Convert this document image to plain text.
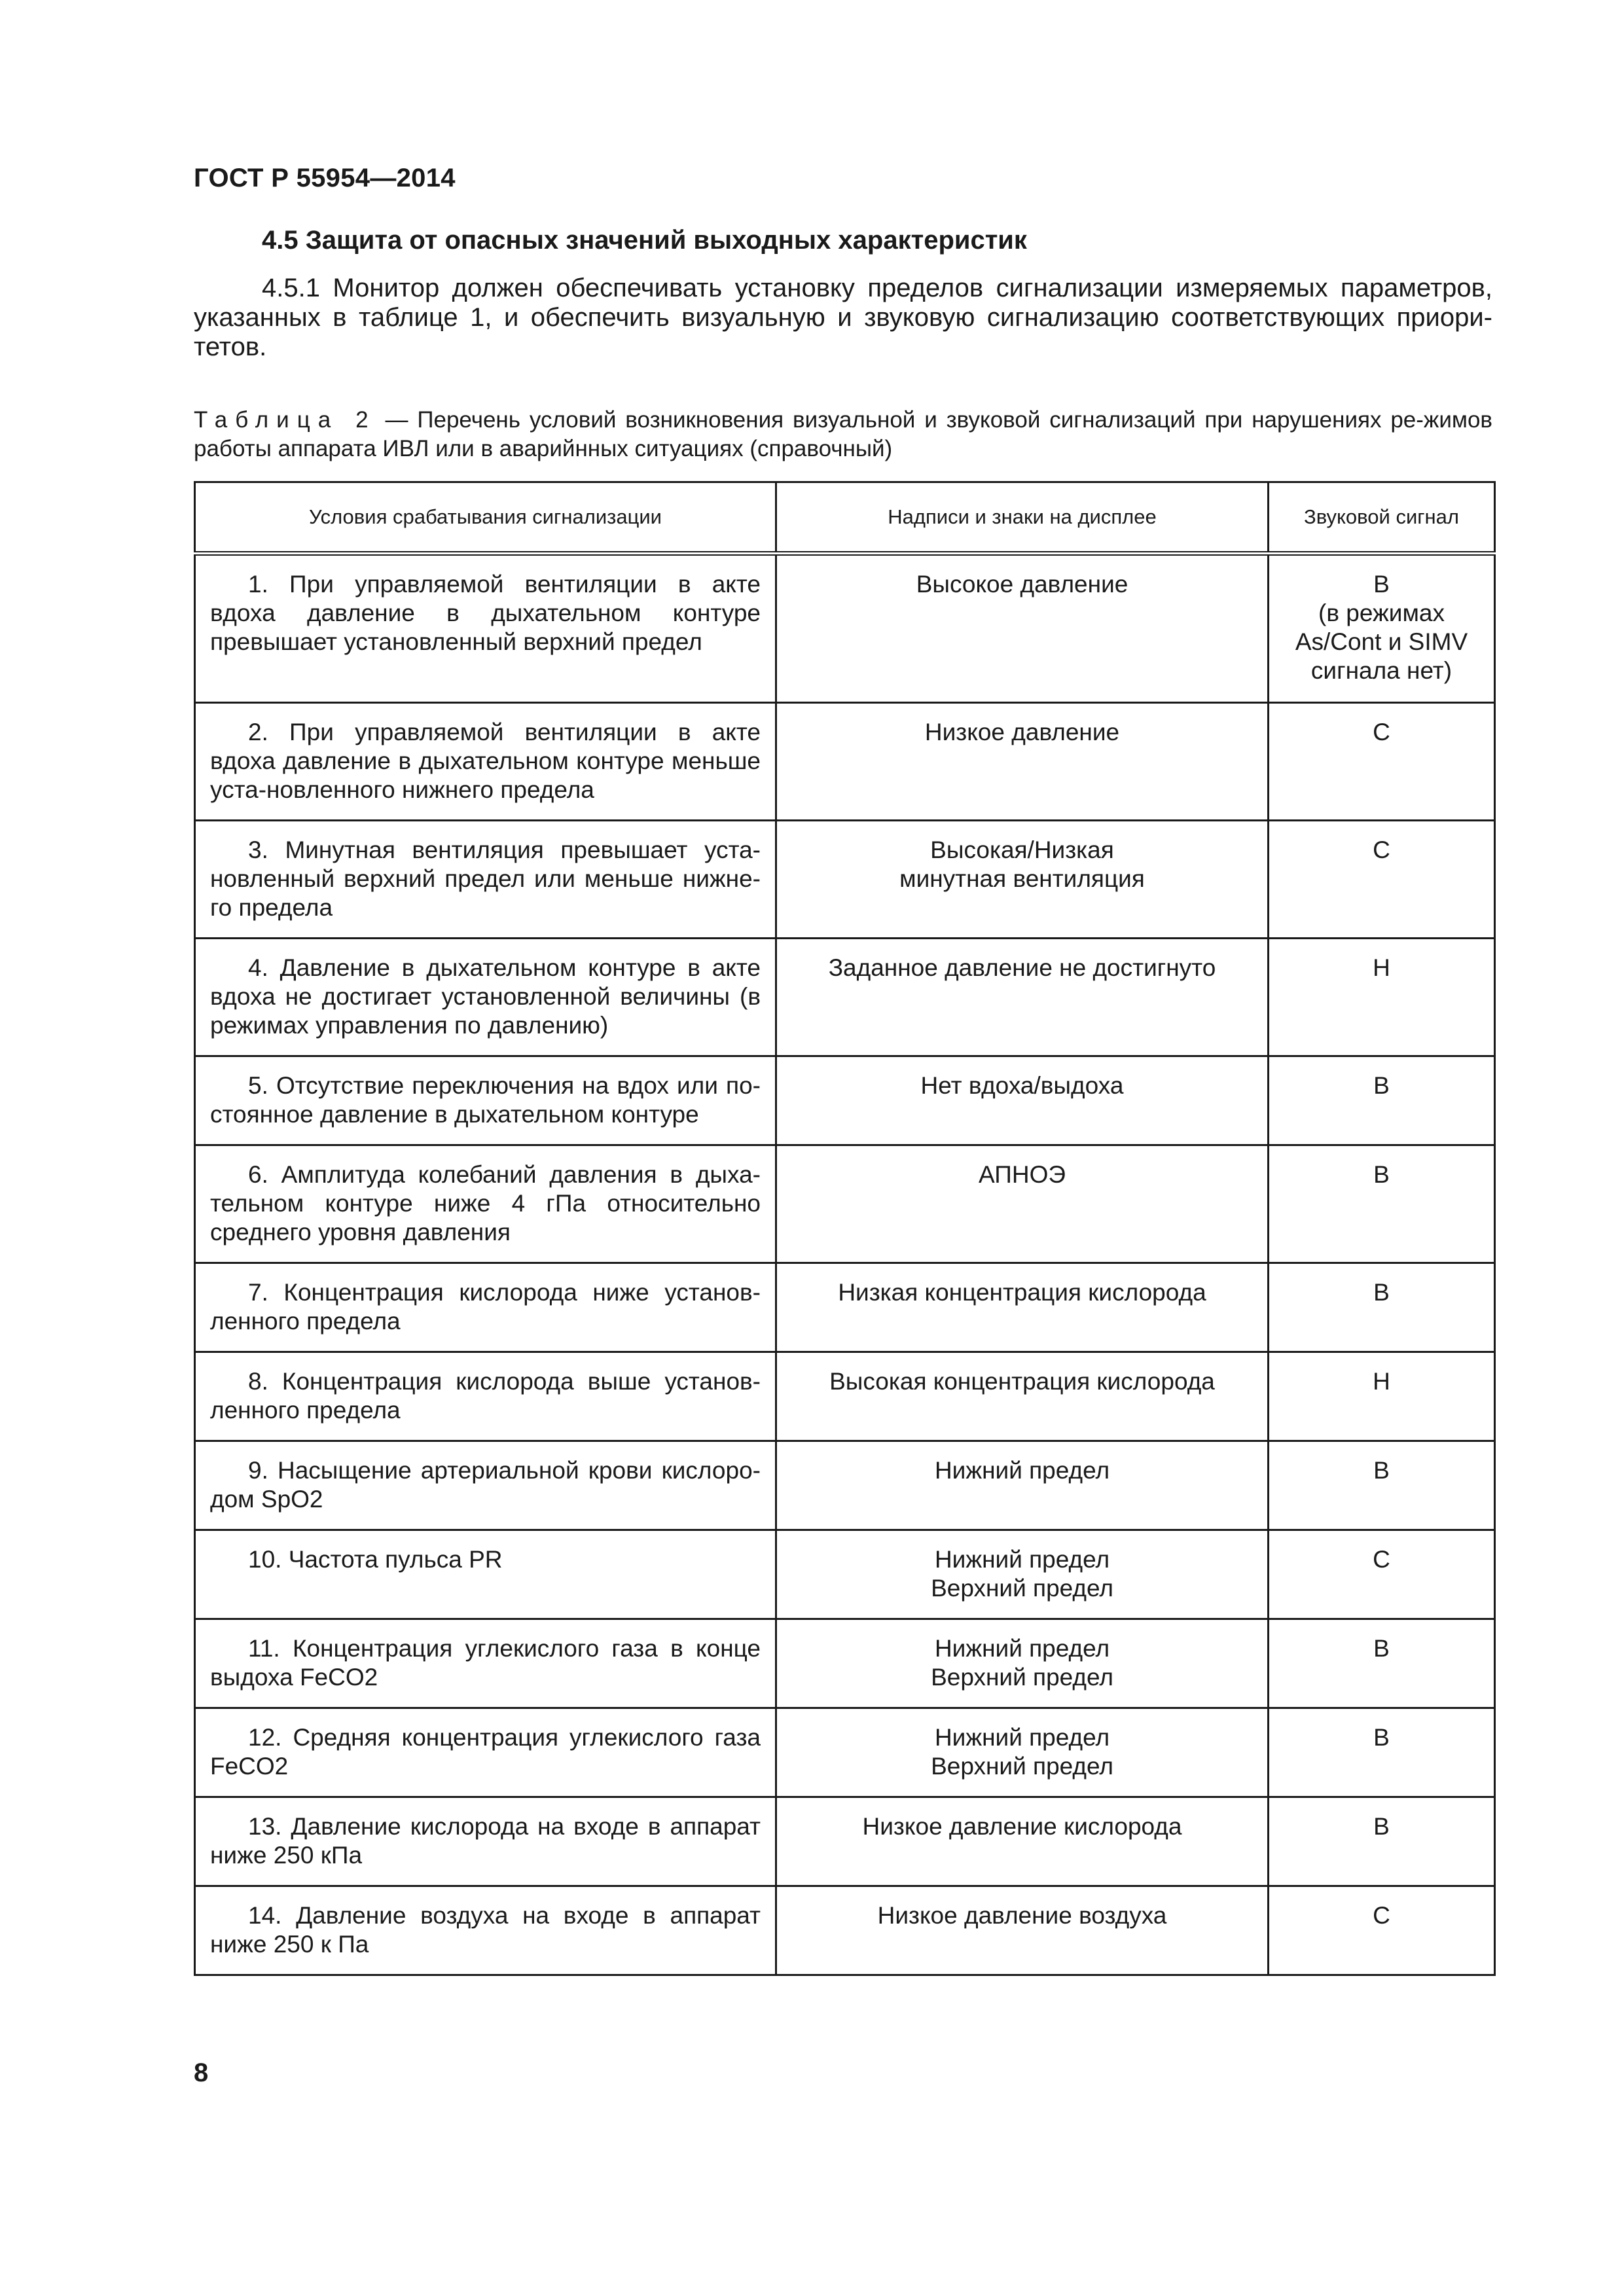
ГОСТ Р 55954—2014
4.5 Защита от опасных значений выходных характеристик

4.5.1 Монитор должен обеспечивать установку пределов сигнализации измеряемых параметров, указанных в таблице 1, и обеспечить визуальную и звуковую сигнализацию соответствующих приори-тетов.

Таблица 2 — Перечень условий возникновения визуальной и звуковой сигнализаций при нарушениях ре-жимов работы аппарата ИВЛ или в аварийнных ситуациях (справочный)

Условия срабатывания сигнализации	Надписи и знаки на дисплее	Звуковой сигнал
1. При управляемой вентиляции в акте вдоха давление в дыхательном контуре превышает установленный верхний предел	Высокое давление	В
(в режимах
As/Cont и SIMV
сигнала нет)

2. При управляемой вентиляции в акте вдоха давление в дыхательном контуре меньше уста-новленного нижнего предела	Низкое давление	С

3. Минутная вентиляция превышает уста-новленный верхний предел или меньше нижне-го предела	Высокая/Низкая
минутная вентиляция	С

4. Давление в дыхательном контуре в акте вдоха не достигает установленной величины (в режимах управления по давлению)	Заданное давление не достигнуто	Н

5. Отсутствие переключения на вдох или по-стоянное давление в дыхательном контуре	Нет вдоха/выдоха	В

6. Амплитуда колебаний давления в дыха-тельном контуре ниже 4 гПа относительно среднего уровня давления	АПНОЭ	В

7. Концентрация кислорода ниже установ-ленного предела	Низкая концентрация кислорода	В

8. Концентрация кислорода выше установ-ленного предела	Высокая концентрация кислорода	Н

9. Насыщение артериальной крови кислоро-дом SpO2	Нижний предел	В

10. Частота пульса PR	Нижний предел
Верхний предел	С

11. Концентрация углекислого газа в конце выдоха FeCO2	Нижний предел
Верхний предел	В

12. Средняя концентрация углекислого газа FeCO2	Нижний предел
Верхний предел	В

13. Давление кислорода на входе в аппарат ниже 250 кПа	Низкое давление кислорода	В

14. Давление воздуха на входе в аппарат ниже 250 к Па	Низкое давление воздуха	С
8
